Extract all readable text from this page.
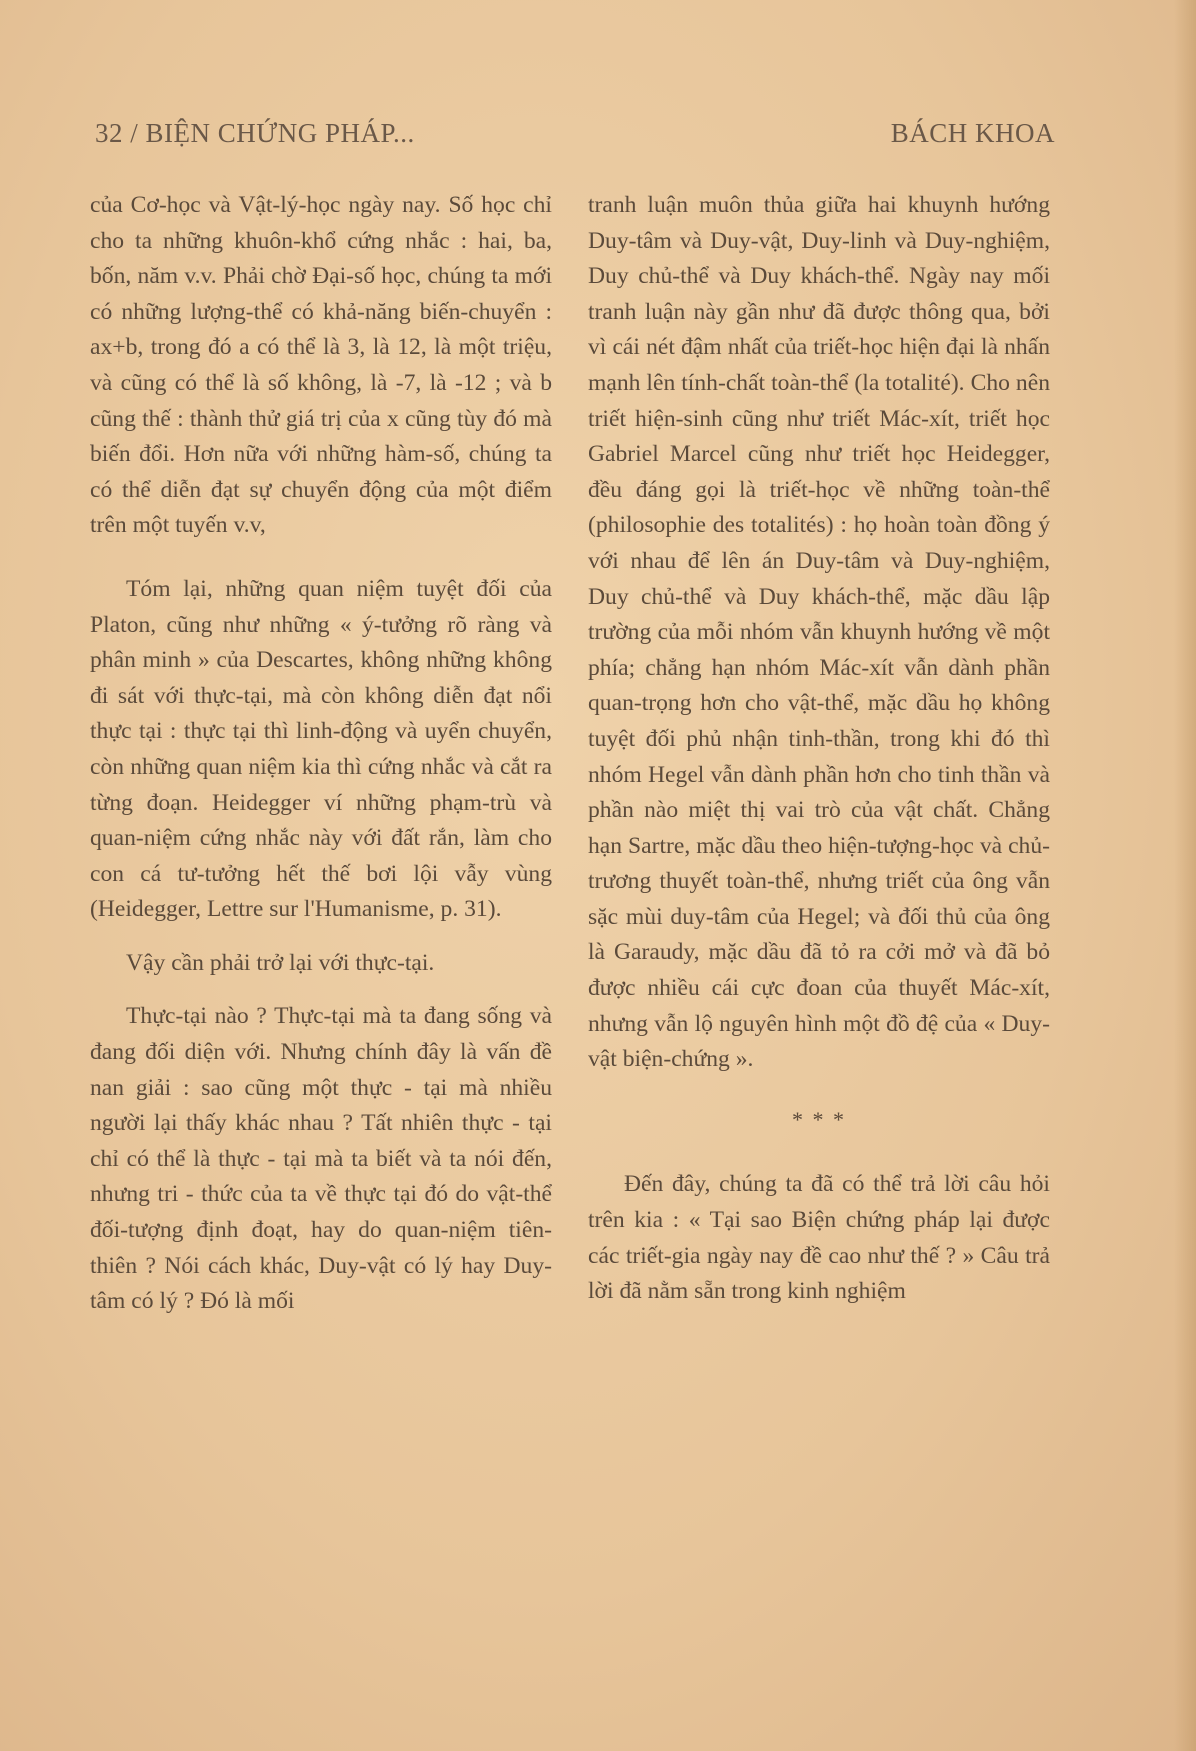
32 / BIỆN CHỨNG PHÁP...	BÁCH KHOA

của Cơ-học và Vật-lý-học ngày nay. Số học chỉ cho ta những khuôn-khổ cứng nhắc : hai, ba, bốn, năm v.v. Phải chờ Đại-số học, chúng ta mới có những lượng-thể có khả-năng biến-chuyển : ax+b, trong đó a có thể là 3, là 12, là một triệu, và cũng có thể là số không, là -7, là -12 ; và b cũng thế : thành thử giá trị của x cũng tùy đó mà biến đổi. Hơn nữa với những hàm-số, chúng ta có thể diễn đạt sự chuyển động của một điểm trên một tuyến v.v,

Tóm lại, những quan niệm tuyệt đối của Platon, cũng như những « ý-tưởng rõ ràng và phân minh » của Descartes, không những không đi sát với thực-tại, mà còn không diễn đạt nổi thực tại : thực tại thì linh-động và uyển chuyển, còn những quan niệm kia thì cứng nhắc và cắt ra từng đoạn. Heidegger ví những phạm-trù và quan-niệm cứng nhắc này với đất rắn, làm cho con cá tư-tưởng hết thế bơi lội vẫy vùng (Heidegger, Lettre sur l'Humanisme, p. 31).

Vậy cần phải trở lại với thực-tại.

Thực-tại nào ? Thực-tại mà ta đang sống và đang đối diện với. Nhưng chính đây là vấn đề nan giải : sao cũng một thực - tại mà nhiều người lại thấy khác nhau ? Tất nhiên thực - tại chỉ có thể là thực - tại mà ta biết và ta nói đến, nhưng tri - thức của ta về thực tại đó do vật-thể đối-tượng định đoạt, hay do quan-niệm tiên-thiên ? Nói cách khác, Duy-vật có lý hay Duy-tâm có lý ? Đó là mối

tranh luận muôn thủa giữa hai khuynh hướng Duy-tâm và Duy-vật, Duy-linh và Duy-nghiệm, Duy chủ-thể và Duy khách-thể. Ngày nay mối tranh luận này gần như đã được thông qua, bởi vì cái nét đậm nhất của triết-học hiện đại là nhấn mạnh lên tính-chất toàn-thể (la totalité). Cho nên triết hiện-sinh cũng như triết Mác-xít, triết học Gabriel Marcel cũng như triết học Heidegger, đều đáng gọi là triết-học về những toàn-thể (philosophie des totalités) : họ hoàn toàn đồng ý với nhau để lên án Duy-tâm và Duy-nghiệm, Duy chủ-thể và Duy khách-thể, mặc dầu lập trường của mỗi nhóm vẫn khuynh hướng về một phía; chẳng hạn nhóm Mác-xít vẫn dành phần quan-trọng hơn cho vật-thể, mặc dầu họ không tuyệt đối phủ nhận tinh-thần, trong khi đó thì nhóm Hegel vẫn dành phần hơn cho tinh thần và phần nào miệt thị vai trò của vật chất. Chẳng hạn Sartre, mặc dầu theo hiện-tượng-học và chủ-trương thuyết toàn-thể, nhưng triết của ông vẫn sặc mùi duy-tâm của Hegel; và đối thủ của ông là Garaudy, mặc dầu đã tỏ ra cởi mở và đã bỏ được nhiều cái cực đoan của thuyết Mác-xít, nhưng vẫn lộ nguyên hình một đồ đệ của « Duy-vật biện-chứng ».

* * *

Đến đây, chúng ta đã có thể trả lời câu hỏi trên kia : « Tại sao Biện chứng pháp lại được các triết-gia ngày nay đề cao như thế ? » Câu trả lời đã nằm sẵn trong kinh nghiệm
